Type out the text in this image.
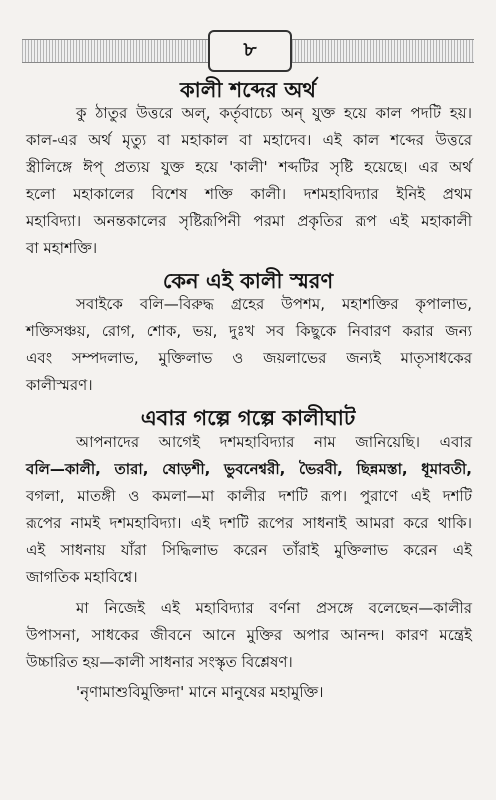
৮
কালী শব্দের অর্থ
কু ঠাতুর উত্তরে অল্‌, কর্তৃবাচ্যে অন্‌ যুক্ত হয়ে কাল পদটি হয়।
কাল-এর অর্থ মৃত্যু বা মহাকাল বা মহাদেব। এই কাল শব্দের উত্তরে
স্ত্রীলিঙ্গে ঈপ্‌ প্রত্যয় যুক্ত হয়ে 'কালী' শব্দটির সৃষ্টি হয়েছে। এর অর্থ
হলো মহাকালের বিশেষ শক্তি কালী। দশমহাবিদ্যার ইনিই প্রথম
মহাবিদ্যা। অনন্তকালের সৃষ্টিরূপিনী পরমা প্রকৃতির রূপ এই মহাকালী
বা মহাশক্তি।
কেন এই কালী স্মরণ
সবাইকে বলি—বিরুদ্ধ গ্রহের উপশম, মহাশক্তির কৃপালাভ,
শক্তিসঞ্চয়, রোগ, শোক, ভয়, দুঃখ সব কিছুকে নিবারণ করার জন্য
এবং সম্পদলাভ, মুক্তিলাভ ও জয়লাভের জন্যই মাতৃসাধকের
কালীস্মরণ।
এবার গল্পে গল্পে কালীঘাট
আপনাদের আগেই দশমহাবিদ্যার নাম জানিয়েছি। এবার
বলি—কালী, তারা, ষোড়শী, ভুবনেশ্বরী, ভৈরবী, ছিন্নমস্তা, ধূমাবতী,
বগলা, মাতঙ্গী ও কমলা—মা কালীর দশটি রূপ। পুরাণে এই দশটি
রূপের নামই দশমহাবিদ্যা। এই দশটি রূপের সাধনাই আমরা করে থাকি।
এই সাধনায় যাঁরা সিদ্ধিলাভ করেন তাঁরাই মুক্তিলাভ করেন এই
জাগতিক মহাবিশ্বে।
মা নিজেই এই মহাবিদ্যার বর্ণনা প্রসঙ্গে বলেছেন—কালীর
উপাসনা, সাধকের জীবনে আনে মুক্তির অপার আনন্দ। কারণ মন্ত্রেই
উচ্চারিত হয়—কালী সাধনার সংস্কৃত বিশ্লেষণ।
'নৃণামাশুবিমুক্তিদা' মানে মানুষের মহামুক্তি।
